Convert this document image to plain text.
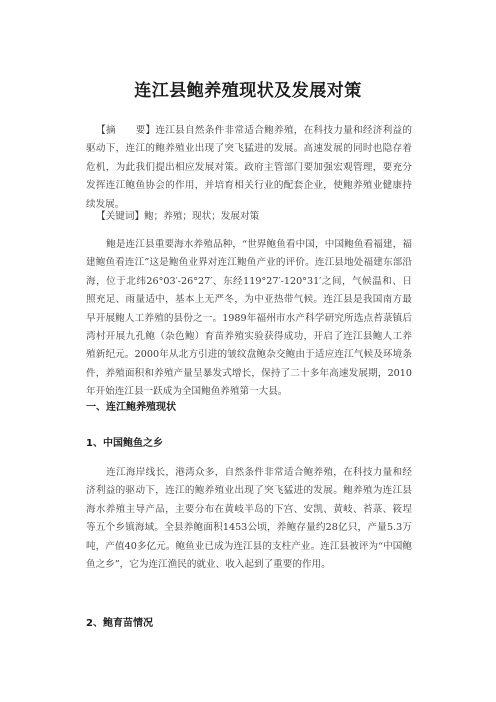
连江县鲍养殖现状及发展对策

【摘　　要】连江县自然条件非常适合鲍养殖，在科技力量和经济利益的驱动下，连江的鲍养殖业出现了突飞猛进的发展。高速发展的同时也隐存着危机，为此我们提出相应发展对策。政府主管部门要加强宏观管理，要充分发挥连江鲍鱼协会的作用，并培育相关行业的配套企业，使鲍养殖业健康持续发展。

【关键词】鲍；养殖；现状；发展对策

鲍是连江县重要海水养殖品种，“世界鲍鱼看中国，中国鲍鱼看福建，福建鲍鱼看连江”这是鲍鱼业界对连江鲍鱼产业的评价。连江县地处福建东部沿海，位于北纬26°03′-26°27′、东经119°27′-120°31′之间，气候温和、日照充足、雨量适中，基本上无严冬，为中亚热带气候。连江县是我国南方最早开展鲍人工养殖的县份之一。1989年福州市水产科学研究所选点苔菉镇后湾村开展九孔鲍（杂色鲍）育苗养殖实验获得成功，开启了连江县鲍人工养殖新纪元。2000年从北方引进的皱纹盘鲍杂交鲍由于适应连江气候及环境条件，养殖面积和养殖产量呈暴发式增长，保持了二十多年高速发展期，2010年开始连江县一跃成为全国鲍鱼养殖第一大县。

一、连江鲍养殖现状
1、中国鲍鱼之乡

连江海岸线长，港湾众多，自然条件非常适合鲍养殖，在科技力量和经济利益的驱动下，连江的鲍养殖业出现了突飞猛进的发展。鲍养殖为连江县海水养殖主导产品，主要分布在黄岐半岛的下宫、安凯、黄岐、苔菉、筱埕等五个乡镇海域。全县养鲍面积1453公顷，养鲍存量约28亿只，产量5.3万吨，产值40多亿元。鲍鱼业已成为连江县的支柱产业。连江县被评为“中国鲍鱼之乡”，它为连江渔民的就业、收入起到了重要的作用。

2、鲍育苗情况
